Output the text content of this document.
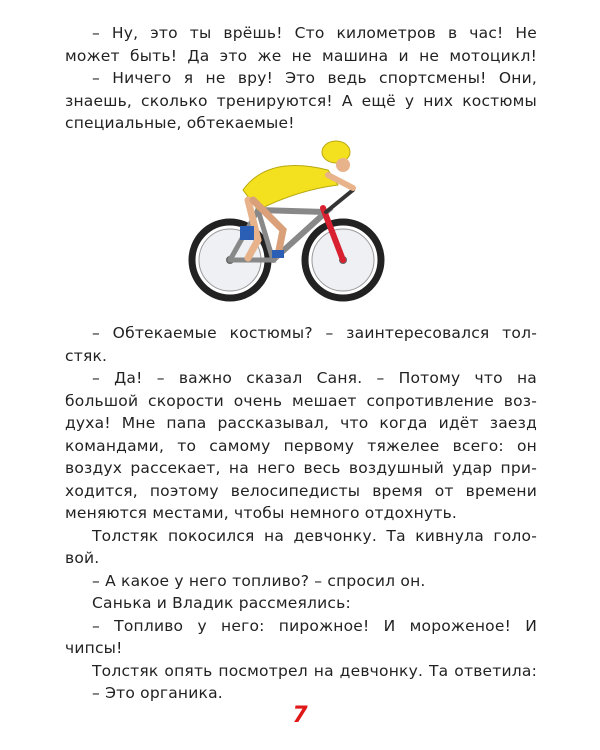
– Ну, это ты врёшь! Сто километров в час! Не
может быть! Да это же не машина и не мотоцикл!
– Ничего я не вру! Это ведь спортсмены! Они,
знаешь, сколько тренируются! А ещё у них костюмы
специальные, обтекаемые!
– Обтекаемые костюмы? – заинтересовался тол-
стяк.
– Да! – важно сказал Саня. – Потому что на
большой скорости очень мешает сопротивление воз-
духа! Мне папа рассказывал, что когда идёт заезд
командами, то самому первому тяжелее всего: он
воздух рассекает, на него весь воздушный удар при-
ходится, поэтому велосипедисты время от времени
меняются местами, чтобы немного отдохнуть.
Толстяк покосился на девчонку. Та кивнула голо-
вой.
– А какое у него топливо? – спросил он.
Санька и Владик рассмеялись:
– Топливо у него: пирожное! И мороженое! И
чипсы!
Толстяк опять посмотрел на девчонку. Та ответила:
– Это органика.
7
